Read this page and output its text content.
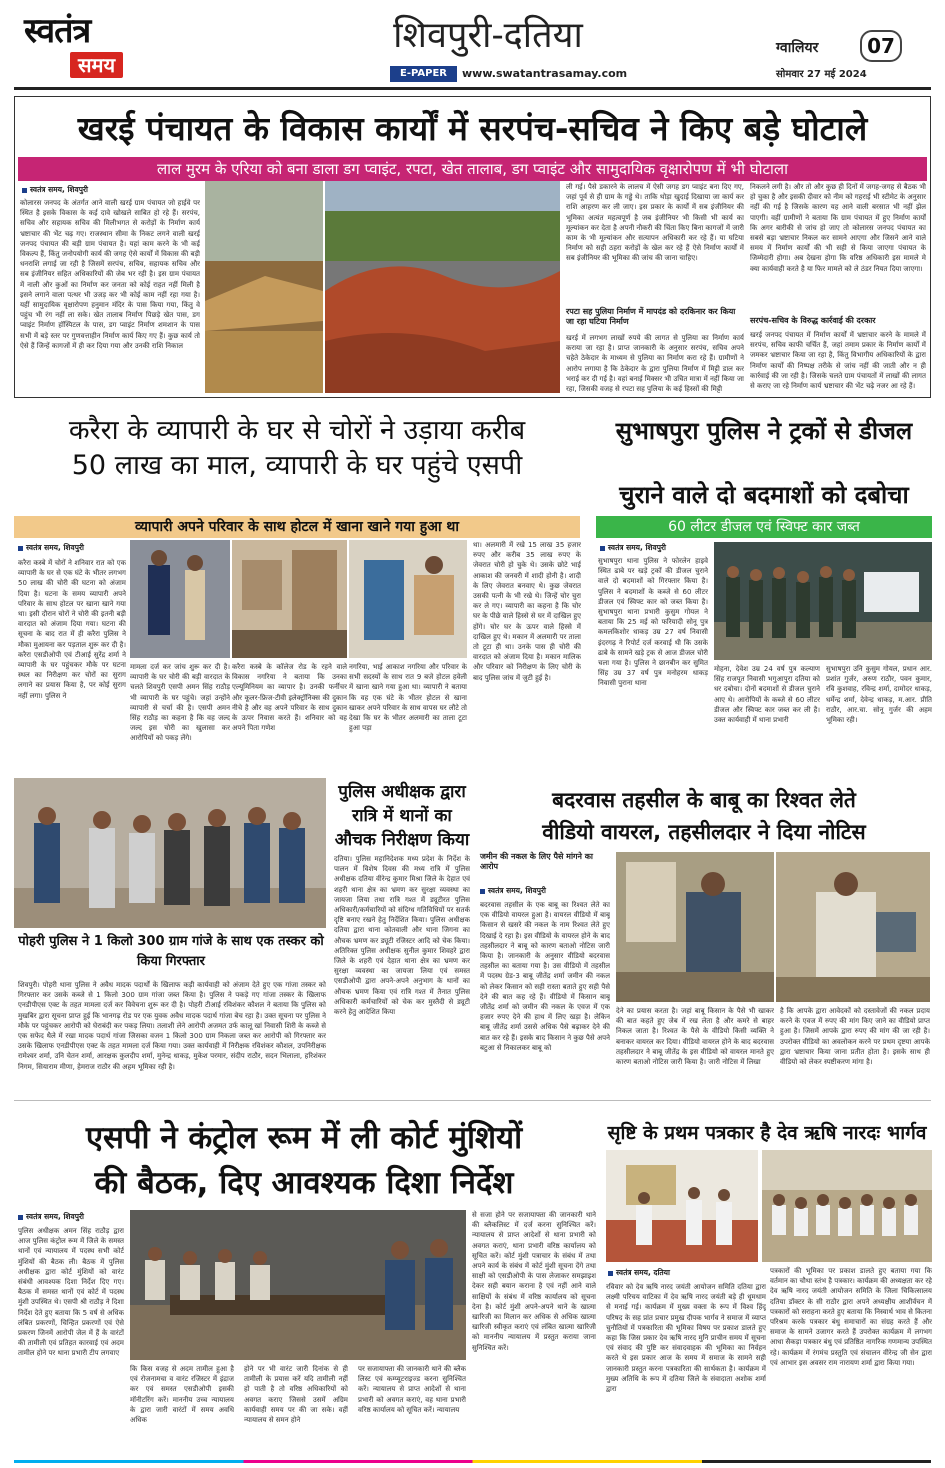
स्वतंत्र
समय
शिवपुरी-दतिया
E-PAPER	www.swatantrasamay.com
ग्वालियर	07
सोमवार 27 मई 2024
खरई पंचायत के विकास कार्यों में सरपंच-सचिव ने किए बड़े घोटाले
लाल मुरम के एरिया को बना डाला डग प्वाइंट, रपटा, खेत तालाब, डग प्वाइंट और सामुदायिक वृक्षारोपण में भी घोटाला
स्वतंत्र समय, शिवपुरी
कोलारस जनपद के अंतर्गत आने वाली खरई ग्राम पंचायत जो हाईवे पर स्थित है इसके विकास के कई दावे खोखले साबित हो रहे हैं। सरपंच, सचिव और सहायक सचिव की मिलीभगत से करोड़ों के निर्माण कार्य भ्रष्टाचार की भेंट चढ़ गए। राजस्थान सीमा के निकट लगने वाली खरई जनपद पंचायत की बड़ी ग्राम पंचायत है। यहां काम करने के भी कई विकल्प हैं, किंतु जनोपयोगी कार्य की जगह ऐसे कार्यों में विकास की बड़ी धनराशि लगाई जा रही है जिसमें सरपंच, सचिव, सहायक सचिव और सब इंजीनियर सहित अधिकारियों की जेब भर रही है। इस ग्राम पंचायत में नाली और कुओं का निर्माण कर जनता को कोई राहत नहीं मिली है इसने लगाने वाला पत्थर भी उजड़ कर भी कोई काम नहीं रहा गया है। यहीं सामुदायिक वृक्षारोपण हनुमान मंदिर के पास किया गया, किंतु वे पहुंच भी रंग नहीं ला सके। खेत तालाब निर्माण पिछड़े खेत पास, डग प्वाइंट निर्माण हॉस्पिटल के पास, डग प्वाइंट निर्माण शमशान के पास सभी में बड़े स्तर पर गुणवत्ताहीन निर्माण कार्य किए गए हैं। कुछ कार्य तो ऐसे हैं जिन्हें कागजों में ही कर दिया गया और उनकी राशि निकाल
ली गई। पैसे डकारने के लालच में ऐसी जगह डग प्वाइंट बना दिए गए, जहां पूर्व से ही ग्राम के गड्ढे थे। ताकि थोड़ा खुदाई दिखाया जा कार्य कर राशि आहरण कर ली जाए। इस प्रकार के कार्यों में सब इंजीनियर की भूमिका अत्यंत महत्वपूर्ण है जब इंजीनियर भी किसी भी कार्य का मूल्यांकन कर देता है अपनी नौकरी की चिंता किए बिना कागजों में जारी काम के भी मूल्यांकन और सत्यापन अधिकारी कर रहे हैं। या घटिया निर्माण को सही ठहरा करोड़ों के खेल कर रहे हैं ऐसे निर्माण कार्यों में सब इंजीनियर की भूमिका की जांच की जाना चाहिए।
रपटा सह पुलिया निर्माण में मापदंड को दरकिनार कर किया जा रहा घटिया निर्माण
खरई में लगभग लाखों रुपये की लागत से पुलिया का निर्माण कार्य कराया जा रहा है। प्राप्त जानकारी के अनुसार सरपंच, सचिव अपने चहेते ठेकेदार के माध्यम से पुलिया का निर्माण करा रहे हैं। ग्रामीणों ने आरोप लगाया है कि ठेकेदार के द्वारा पुलिया निर्माण में मिट्टी डाल कर भराई कर दी गई है। वहां बनाई मिक्सर भी उचित मात्रा में नहीं किया जा रहा, जिसकी वजह से रपटा सह पुलिया के कई हिस्सों की मिट्टी
निकलने लगी है। और तो और कुछ ही दिनों में जगह-जगह से बैठक भी हो चुका है और इसकी दीवार को नीम को गहराई भी स्टीमेट के अनुसार नहीं की गई है जिसके कारण यह आने वाली बरसात भी नहीं झेल पाएगी। वहीं ग्रामीणों ने बताया कि ग्राम पंचायत में हुए निर्माण कार्यों कि अगर बारीकी से जांच हो जाए तो कोलारस जनपद पंचायत का सबसे बड़ा भ्रष्टाचार निकल कर सामने आएगा और जिसने आने वाले समय में निर्माण कार्यों की भी सही से किया जाएगा पंचायत के जिम्मेदारी होगा। अब देखना होगा कि वरिष्ठ अधिकारी इस मामले मे क्या कार्यवाही करते है या फिर मामले को ले ठंडर नियत दिया जाएगा।
सरपंच-सचिव के विरुद्ध कार्रवाई की दरकार
खरई जनपद पंचायत में निर्माण कार्यों में भ्रष्टाचार करने के मामले में सरपंच, सचिव काफी चर्चित हैं, जहां तमाम प्रकार के निर्माण कार्यों में जमकर भ्रष्टाचार किया जा रहा है, किंतु विभागीय अधिकारियों के द्वारा निर्माण कार्यों की निष्पक्ष तरीके से जांच नहीं की जाती और न ही कार्रवाई की जा रही है। जिसके चलते ग्राम पंचायतों में लाखों की लागत से कराए जा रहे निर्माण कार्य भ्रष्टाचार की भेंट चढ़े नजर आ रहे हैं।
करैरा के व्यापारी के घर से चोरों ने उड़ाया करीब
50 लाख का माल, व्यापारी के घर पहुंचे एसपी
व्यापारी अपने परिवार के साथ होटल में खाना खाने गया हुआ था
स्वतंत्र समय, शिवपुरी
करैरा कस्बे में चोरों ने शनिवार रात को एक व्यापारी के घर से एक घंटे के भीतर लगभग 50 लाख की चोरी की घटना को अंजाम दिया है। घटना के समय व्यापारी अपने परिवार के साथ होटल पर खाना खाने गया था। इसी दौरान चोरों ने चोरी की इतनी बड़ी वारदात को अंजाम दिया गया। घटना की सूचना के बाद रात में ही करैरा पुलिस ने मौका मुआयना कर पड़ताल शुरू कर दी है। करैरा एसडीओपी एवं टीआई सुरेंद्र शर्मा ने व्यापारी के घर पहुंचकर मौके पर घटना स्थल का निरीक्षण कर चोरों का सुराग लगाने का प्रयास किया है, पर कोई सुराग नहीं लगा। पुलिस ने
मामला दर्ज कर जांच शुरू कर दी है। व्यापारी के घर चोरी की बड़ी वारदात के चलते शिवपुरी एसपी अमन सिंह राठौड़ भी व्यापारी के घर पहुंचे। जहां उन्होंने व्यापारी से चर्चा की है। एसपी अमन सिंह राठौड़ का कहना है कि वह जल्द जल्द इस चोरी का खुलासा कर आरोपियों को पकड़ लेंगे।
करैरा कस्बे के कॉलेज रोड के रहने वाले विकास नगरिया ने बताया कि उनका एल्यूमिनियम का व्यापार है। उनकी फर्नीचर और कूलर-फ्रिज-टीवी इलेक्ट्रॉनिक्स की दुकान नीचे है और वह अपने परिवार के साथ दुकान के ऊपर निवास करते हैं। शनिवार को वह अपने पिता गणेश
नगरिया, भाई आकाश नगरिया और परिवार के सभी सदस्यों के साथ रात 9 बजे होटल हवेली में खाना खाने गया हुआ था। व्यापारी ने बताया कि वह एक घंटे के भीतर होटल से खाना खाकर अपने परिवार के साथ वापस घर लौटे तो देखा कि घर के भीतर अलमारी का ताला टूटा हुआ पड़ा
था। अलमारी में रखे 15 लाख 35 हजार रुपए और करीब 35 लाख रुपए के जेवरात चोरी हो चुके थे। उसके छोटे भाई आकाश की जनवरी में शादी होनी है। शादी के लिए जेवरात बनवाए थे। कुछ जेवरात उसकी पत्नी के भी रखे थे। जिन्हें चोर चुरा कर ले गए। व्यापारी का कहना है कि चोर घर के पीछे वाले हिस्से से घर में दाखिल हुए होंगे। चोर घर के ऊपर वाले हिस्से में दाखिल हुए थे। मकान में अलमारी पर ताला तो टूटा ही था। उनके पास ही चोरी की वारदात को अंजाम दिया है। मकान मालिक और परिवार को निरीक्षण के लिए चोरी के बाद पुलिस जांच में जुटी हुई है।
सुभाषपुरा पुलिस ने ट्रकों से डीजल
चुराने वाले दो बदमाशों को दबोचा
60 लीटर डीजल एवं स्विफ्ट कार जब्त
स्वतंत्र समय, शिवपुरी
सुभाषपुरा थाना पुलिस ने फोरलेन हाइवे स्थित ढाबे पर खड़े ट्रकों की डीजल चुराने वाले दो बदमाशों को गिरफ्तार किया है। पुलिस ने बदमाशों के कब्जे से 60 लीटर डीजल एवं स्विफ्ट कार को जब्त किया है। सुभाषपुरा थाना प्रभारी कुसुम गोयल ने बताया कि 25 मई को फरियादी सोनू पुत्र कमलकिशोर धाकड़ उम्र 27 वर्ष निवासी इंदरगढ़ ने रिपोर्ट दर्ज करवाई थी कि उसके ढाबे के सामने खड़े ट्रक से आज डीजल चोरी चला गया है। पुलिस ने छानबीन कर सुमित सिंह उम्र 37 वर्ष पुत्र मनोहरम धाकड़ निवासी पुराना थाना
मोहना, देवेश उम्र 24 वर्ष पुत्र कल्याण सिंह राजपूत निवासी भगुआपुरा दतिया को धर दबोचा। दोनों बदमाशों से डीजल चुराने आए थे। आरोपियों के कब्जे से 60 लीटर डीजल और स्विफ्ट कार जब्त कर ली है। उक्त कार्यवाही में थाना प्रभारी
सुभाषपुरा उनि कुसुम गोयल, प्रधान आर. प्रशांत गुर्जर, अरुण राठौर, पवन कुमार, रवि कुशवाह, रविन्द्र शर्मा, दामोदर धाकड़, धर्मेन्द्र शर्मा, देवेन्द्र धाकड़, म.आर. प्रीति राठौर, आर.चा. सोनू गुर्जर की अहम भूमिका रही।
पोहरी पुलिस ने 1 किलो 300 ग्राम गांजे के साथ एक तस्कर को किया गिरफ्तार
शिवपुरी। पोहरी थाना पुलिस ने अवैध मादक पदार्थों के खिलाफ कड़ी कार्यवाही को अंजाम देते हुए एक गांजा तस्कर को गिरफ्तार कर उसके कब्जे से 1 किलो 300 ग्राम गांजा जब्त किया है। पुलिस ने पकड़े गए गांजा तस्कर के खिलाफ एनडीपीएस एक्ट के तहत मामला दर्ज कर विवेचना शुरू कर दी है। पोहरी टीआई रविशंकर कौशल ने बताया कि पुलिस को मुखबिर द्वारा सूचना प्राप्त हुई कि भानगढ़ रोड पर एक युवक अवैध मादक पदार्थ गांजा बेच रहा है। उक्त सूचना पर पुलिस ने मौके पर पहुंचकर आरोपी को घेराबंदी कर पकड़ लिया। तलाशी लेने आरोपी अजमत उर्फ कालू खां निवासी शिरी के कब्जे से एक सफेद थैले में रखा मादक पदार्थ गांजा जिसका वजन 1 किलो 300 ग्राम निकला जब्त कर आरोपी को गिरफ्तार कर उसके खिलाफ एनडीपीएस एक्ट के तहत मामला दर्ज किया गया। उक्त कार्यवाही में निरीक्षक रविशंकर कौशल, उपनिरीक्षक रामेश्वर शर्मा, उनि चेतन शर्मा, आरक्षक कुलदीप शर्मा, मुनेन्द्र धाकड़, मुकेश परमार, संदीप राठौर, सदन भिलाला, हरिशंकर निगम, सियाराम मीणा, हेमराज राठौर की अहम भूमिका रही है।
पुलिस अधीक्षक द्वारा रात्रि में थानों का औचक निरीक्षण किया
दतिया। पुलिस महानिदेशक मध्य प्रदेश के निर्देश के पालन में विशेष दिवस की मध्य रात्रि में पुलिस अधीक्षक दतिया वीरेन्द्र कुमार मिश्रा जिले के देहात एवं शहरी थाना क्षेत्र का भ्रमण कर सुरक्षा व्यवस्था का जायजा लिया तथा रात्रि गश्त में ड्यूटीरत पुलिस अधिकारी/कर्मचारियों को संदिग्ध गतिविधियों पर सतर्क दृष्टि बनाए रखने हेतु निर्देशित किया। पुलिस अधीक्षक दतिया द्वारा थाना कोतवाली और थाना जिगना का औचक भ्रमण कर ड्यूटी रजिस्टर आदि को चेक किया। अतिरिक्त पुलिस अधीक्षक सुनील कुमार शिवहरे द्वारा जिले के शहरी एवं देहात थाना क्षेत्र का भ्रमण कर सुरक्षा व्यवस्था का जायजा लिया एवं समस्त एसडीओपी द्वारा अपने-अपने अनुभाग के थानों का औचक भ्रमण किया एवं रात्रि गश्त में तैनात पुलिस अधिकारी कर्मचारियों को चेक कर मुस्तैदी से ड्यूटी करने हेतु आदेशित किया
बदरवास तहसील के बाबू का रिश्वत लेते
वीडियो वायरल, तहसीलदार ने दिया नोटिस
जमीन की नकल के लिए पैसे मांगने का आरोप
स्वतंत्र समय, शिवपुरी
बदरवास तहसील के एक बाबू का रिश्वत लेते का एक वीडियो वायरल हुआ है। वायरल वीडियो में बाबू किसान से खसरे की नकल के नाम रिश्वत लेते हुए दिखाई दे रहा है। इस वीडियो के वायरल होने के बाद तहसीलदार ने बाबू को कारण बताओ नोटिस जारी किया है। जानकारी के अनुसार वीडियो बदरवास तहसील का बताया गया है। उस वीडियो में तहसील में पदस्थ ग्रेड-3 बाबू जीतेंद्र शर्मा जमीन की नकल को लेकर किसान को सही रास्ता बताते हुए सही पैसे देने की बात कह रहे हैं। वीडियो में किसान बाबू जीतेंद्र शर्मा को जमीन की नकल के एवज में एक हजार रुपए देने की हाथ में लिए खड़ा है। लेकिन बाबू जीतेंद्र शर्मा उससे अधिक पैसे बढ़ाकर देने की बात कर रहे हैं। इसके बाद किसान ने कुछ पैसे अपने बटुआ से निकालकर बाबू को
देने का प्रयास करता है। जहां बाबू किसान के पैसे भी खाकर की बात कहते हुए जेब में रख लेता है और कमरे से बाहर निकल जाता है। रिश्वत के पैसे के वीडियो किसी व्यक्ति ने बनाकर वायरल कर दिया। वीडियो वायरल होने के बाद बदरवास तहसीलदार ने बाबू जीतेंद्र के इस वीडियो को वायरल मानते हुए कारण बताओ नोटिस जारी किया है। जारी नोटिस में लिखा
है कि आपके द्वारा आवेदकों को दस्तावेजों की नकल प्रदाय करने के एवज में रुपए की मांग किए जाने का वीडियो प्राप्त हुआ है। जिसमें आपके द्वारा रुपए की मांग की जा रही है। उपरोक्त वीडियो का अवलोकन करने पर प्रथम दृष्टया आपके द्वारा भ्रष्टाचार किया जाना प्रतीत होता है। इसके साथ ही वीडियो को लेकर स्पष्टीकरण मांगा है।
एसपी ने कंट्रोल रूम में ली कोर्ट मुंशियों
की बैठक, दिए आवश्यक दिशा निर्देश
स्वतंत्र समय, शिवपुरी
पुलिस अधीक्षक अमन सिंह राठौड़ द्वारा आज पुलिस कंट्रोल रूम में जिले के समस्त थानों एवं न्यायालय में पदस्थ सभी कोर्ट मुंशियों की बैठक ली। बैठक में पुलिस अधीक्षक द्वारा कोर्ट मुंशियों को वारंट संबंधी आवश्यक दिशा निर्देश दिए गए। बैठक में समस्त थानों एवं कोर्ट में पदस्थ मुंशी उपस्थित थे। एसपी श्री राठौड़ ने दिशा निर्देश देते हुए बताया कि 5 वर्ष से अधिक लंबित प्रकरणों, चिन्हित प्रकरणों एवं ऐसे प्रकरण जिनमें आरोपी जेल में हैं के वारंटों की तामीली एवं प्रतिहत कारवाई एवं अदम तामील होने पर थाना प्रभारी टीप लगवाए
कि किस वजह से अदम तामील हुआ है एवं रोजनामचा व वारंट रजिस्टर में इंद्राज कर एवं समस्त एसडीओपी इसकी मॉनीटरिंग करें। माननीय उच्च न्यायालय के द्वारा जारी वारंटों में समय अवधि अधिक
होने पर भी वारंट जारी दिनांक से ही तामीली के प्रयास करें यदि तामीली नहीं हो पाती है तो वरिष्ठ अधिकारियों को अवगत कराए जिससे उसमें अग्रिम कार्यवाही समय पर की जा सके। वहीं न्यायालय से समन होने
पर सजायाफ्ता की जानकारी थाने की ब्लैक लिस्ट एवं कम्प्यूटराइज्ड करना सुनिश्चित करें। न्यायालय से प्राप्त आदेशों से थाना प्रभारी को अवगत कराएं, वह थाना प्रभारी वरिष्ठ कार्यालय को सूचित करें। न्यायालय
से सजा होने पर सजायाफ्ता की जानकारी थाने की ब्लैकलिस्ट में दर्ज करना सुनिश्चित करें। न्यायालय से प्राप्त आदेशों से थाना प्रभारी को अवगत कराएं, थाना प्रभारी वरिष्ठ कार्यालय को सूचित करें। कोर्ट मुंशी पत्राचार के संबंध में तथा अपने कार्य के संबंध में कोर्ट मुंशी सूचना देंगे तथा साक्षी को एसडीओपी के पास लेजाकर समझाइश देकर सही बयान कराना है एवं नहीं आने वाले साक्षियों के संबंध में वरिष्ठ कार्यालय को सूचना देना है। कोर्ट मुंशी अपने-अपने थाने के खात्मा खारिजी का मिलान कर अधिक से अधिक खात्मा खारिजी स्वीकृत कराएं एवं लंबित खात्मा खारिजी को माननीय न्यायालय में प्रस्तुत कराया जाना सुनिश्चित करें।
सृष्टि के प्रथम पत्रकार है देव ऋषि नारदः भार्गव
स्वतंत्र समय, दतिया
रविवार को देव ऋषि नारद जयंती आयोजन समिति दतिया द्वारा लक्ष्मी परिचय वाटिका में देव ऋषि नारद जयंती बड़े ही धूमधाम से मनाई गई। कार्यक्रम में मुख्य वक्ता के रूप में विश्व हिंदू परिषद के सह प्रांत प्रचार प्रमुख दीपक भार्गव ने समाज में व्याप्त चुनौतियों में पत्रकारिता की भूमिका विषय पर प्रकाश डालते हुए कहा कि जिस प्रकार देव ऋषि नारद मुनि प्राचीन समय में सूचना एवं संवाद की पुष्टि कर संवादवाहक की भूमिका का निर्वहन करते थे इस प्रकार आज के समय में समाज के सामने सही जानकारी प्रस्तुत करना पत्रकारिता की सार्थकता है। कार्यक्रम में मुख्य अतिथि के रूप में दतिया जिले के संवादाता अशोक शर्मा द्वारा
पत्रकारों की भूमिका पर प्रकाश डालते हुए बताया गया कि वर्तमान का चौथा स्तंभ है पत्रकार। कार्यक्रम की अध्यक्षता कर रहे देव ऋषि नारद जयंती आयोजन समिति के जिला चिकित्सालय दतिया डॉक्टर के सी राठौर द्वारा अपने अध्यक्षीय आशीर्वचन में पत्रकारों को सराहना करते हुए बताया कि निस्वार्थ भाव से कितना परिश्रम करके पत्रकार बंधु समाचारों का संग्रह करते हैं और समाज के सामने उजागर करते हैं उपरोक्त कार्यक्रम में लगभग आधा सैकड़ा पत्रकार बंधु एवं प्रतिष्ठित नागरिक गणमान्य उपस्थित रहे। कार्यक्रम में रंगमंच प्रस्तुति एवं संचालन वीरेन्द्र जी सेन द्वारा एवं आभार इस अवसर राम नारायण शर्मा द्वारा किया गया।
